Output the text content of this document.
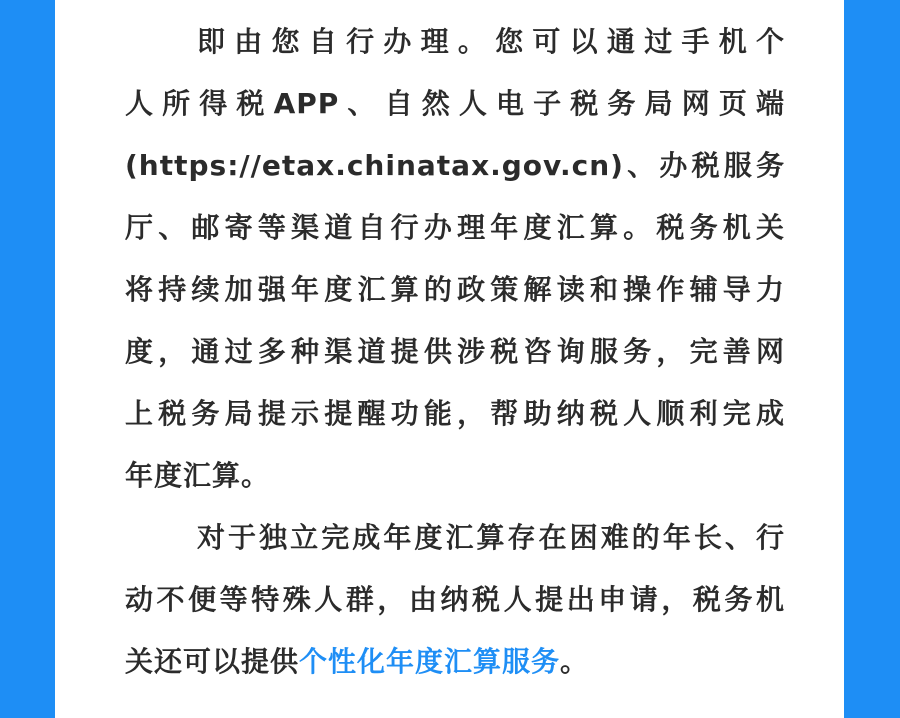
即由您自行办理。您可以通过手机个
人所得税APP、自然人电子税务局网页端
(https://etax.chinatax.gov.cn)、办税服务
厅、邮寄等渠道自行办理年度汇算。税务机关
将持续加强年度汇算的政策解读和操作辅导力
度，通过多种渠道提供涉税咨询服务，完善网
上税务局提示提醒功能，帮助纳税人顺利完成
年度汇算。
对于独立完成年度汇算存在困难的年长、行
动不便等特殊人群，由纳税人提出申请，税务机
关还可以提供个性化年度汇算服务。
